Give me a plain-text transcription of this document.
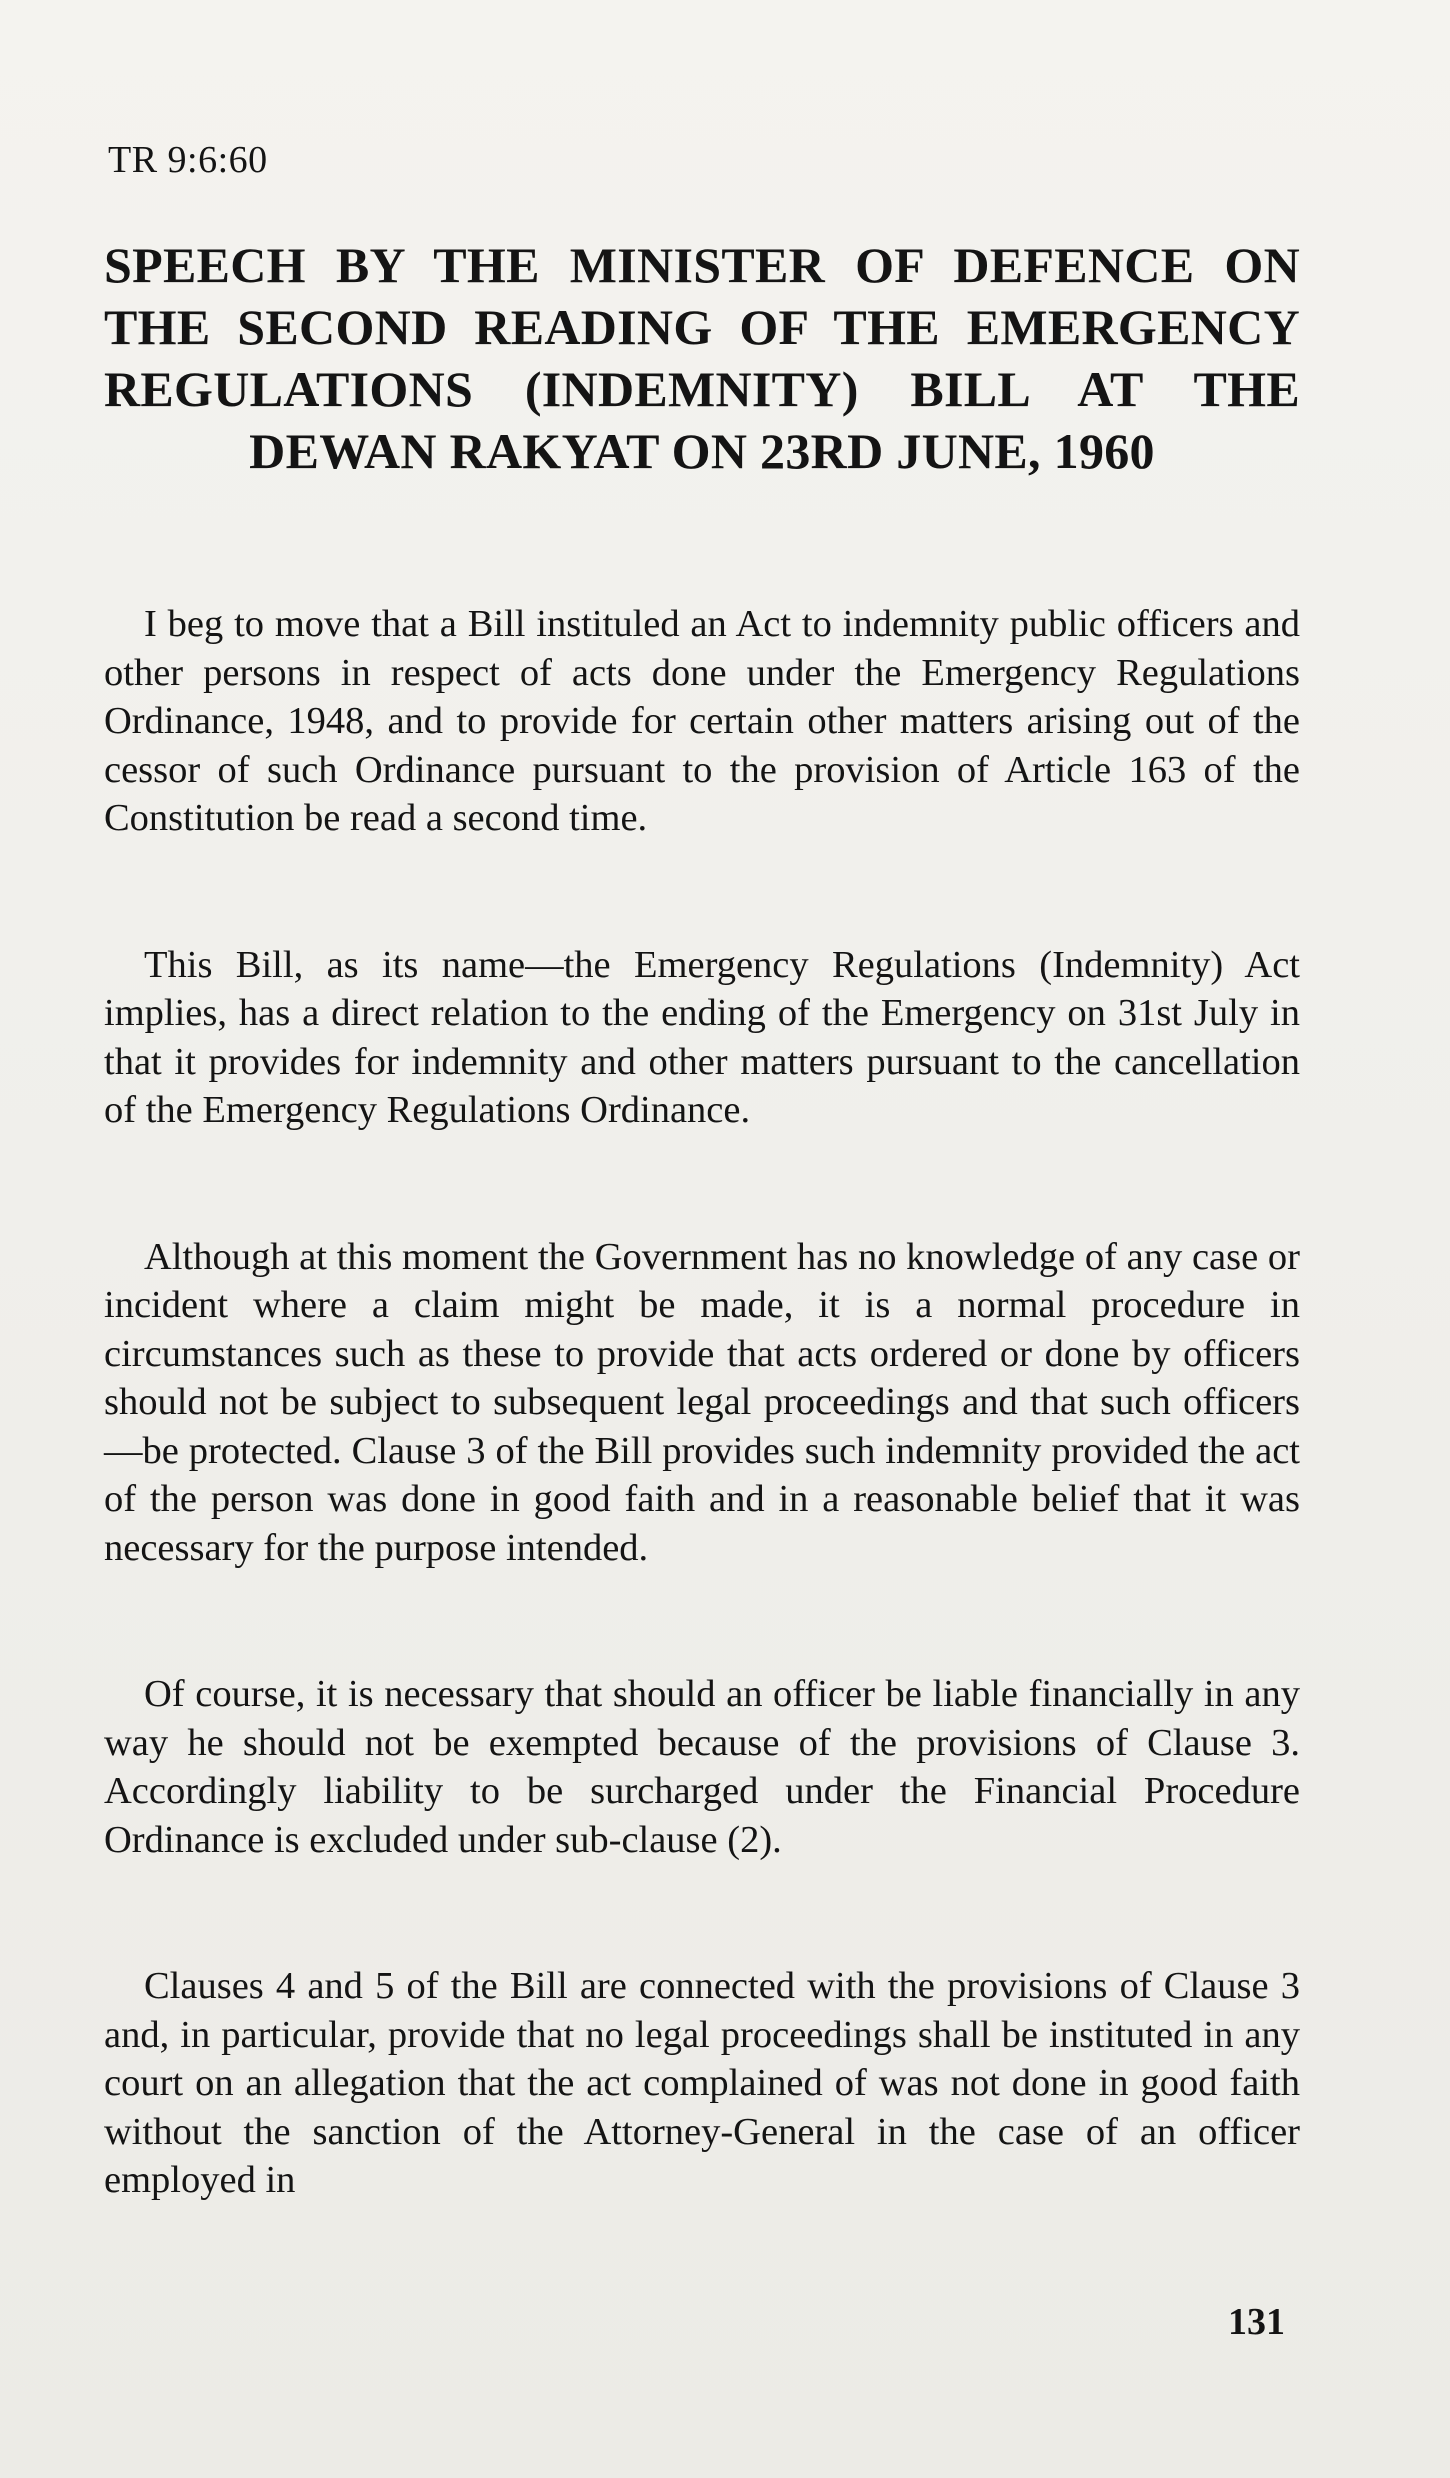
TR 9:6:60
SPEECH BY THE MINISTER OF DEFENCE ON THE SECOND READING OF THE EMERGENCY REGULATIONS (INDEMNITY) BILL AT THE DEWAN RAKYAT ON 23RD JUNE, 1960

I beg to move that a Bill instituled an Act to indemnity public officers and other persons in respect of acts done under the Emergency Regulations Ordinance, 1948, and to provide for certain other matters arising out of the cessor of such Ordinance pursuant to the provision of Article 163 of the Constitution be read a second time.

This Bill, as its name—the Emergency Regulations (Indemnity) Act implies, has a direct relation to the ending of the Emergency on 31st July in that it provides for indemnity and other matters pursuant to the cancellation of the Emergency Regulations Ordinance.

Although at this moment the Government has no knowledge of any case or incident where a claim might be made, it is a normal procedure in circumstances such as these to provide that acts ordered or done by officers should not be subject to subsequent legal proceedings and that such officers—be protected. Clause 3 of the Bill provides such indemnity provided the act of the person was done in good faith and in a reasonable belief that it was necessary for the purpose intended.

Of course, it is necessary that should an officer be liable financially in any way he should not be exempted because of the provisions of Clause 3. Accordingly liability to be surcharged under the Financial Procedure Ordinance is excluded under sub-clause (2).

Clauses 4 and 5 of the Bill are connected with the provisions of Clause 3 and, in particular, provide that no legal proceedings shall be instituted in any court on an allegation that the act complained of was not done in good faith without the sanction of the Attorney-General in the case of an officer employed in

131
